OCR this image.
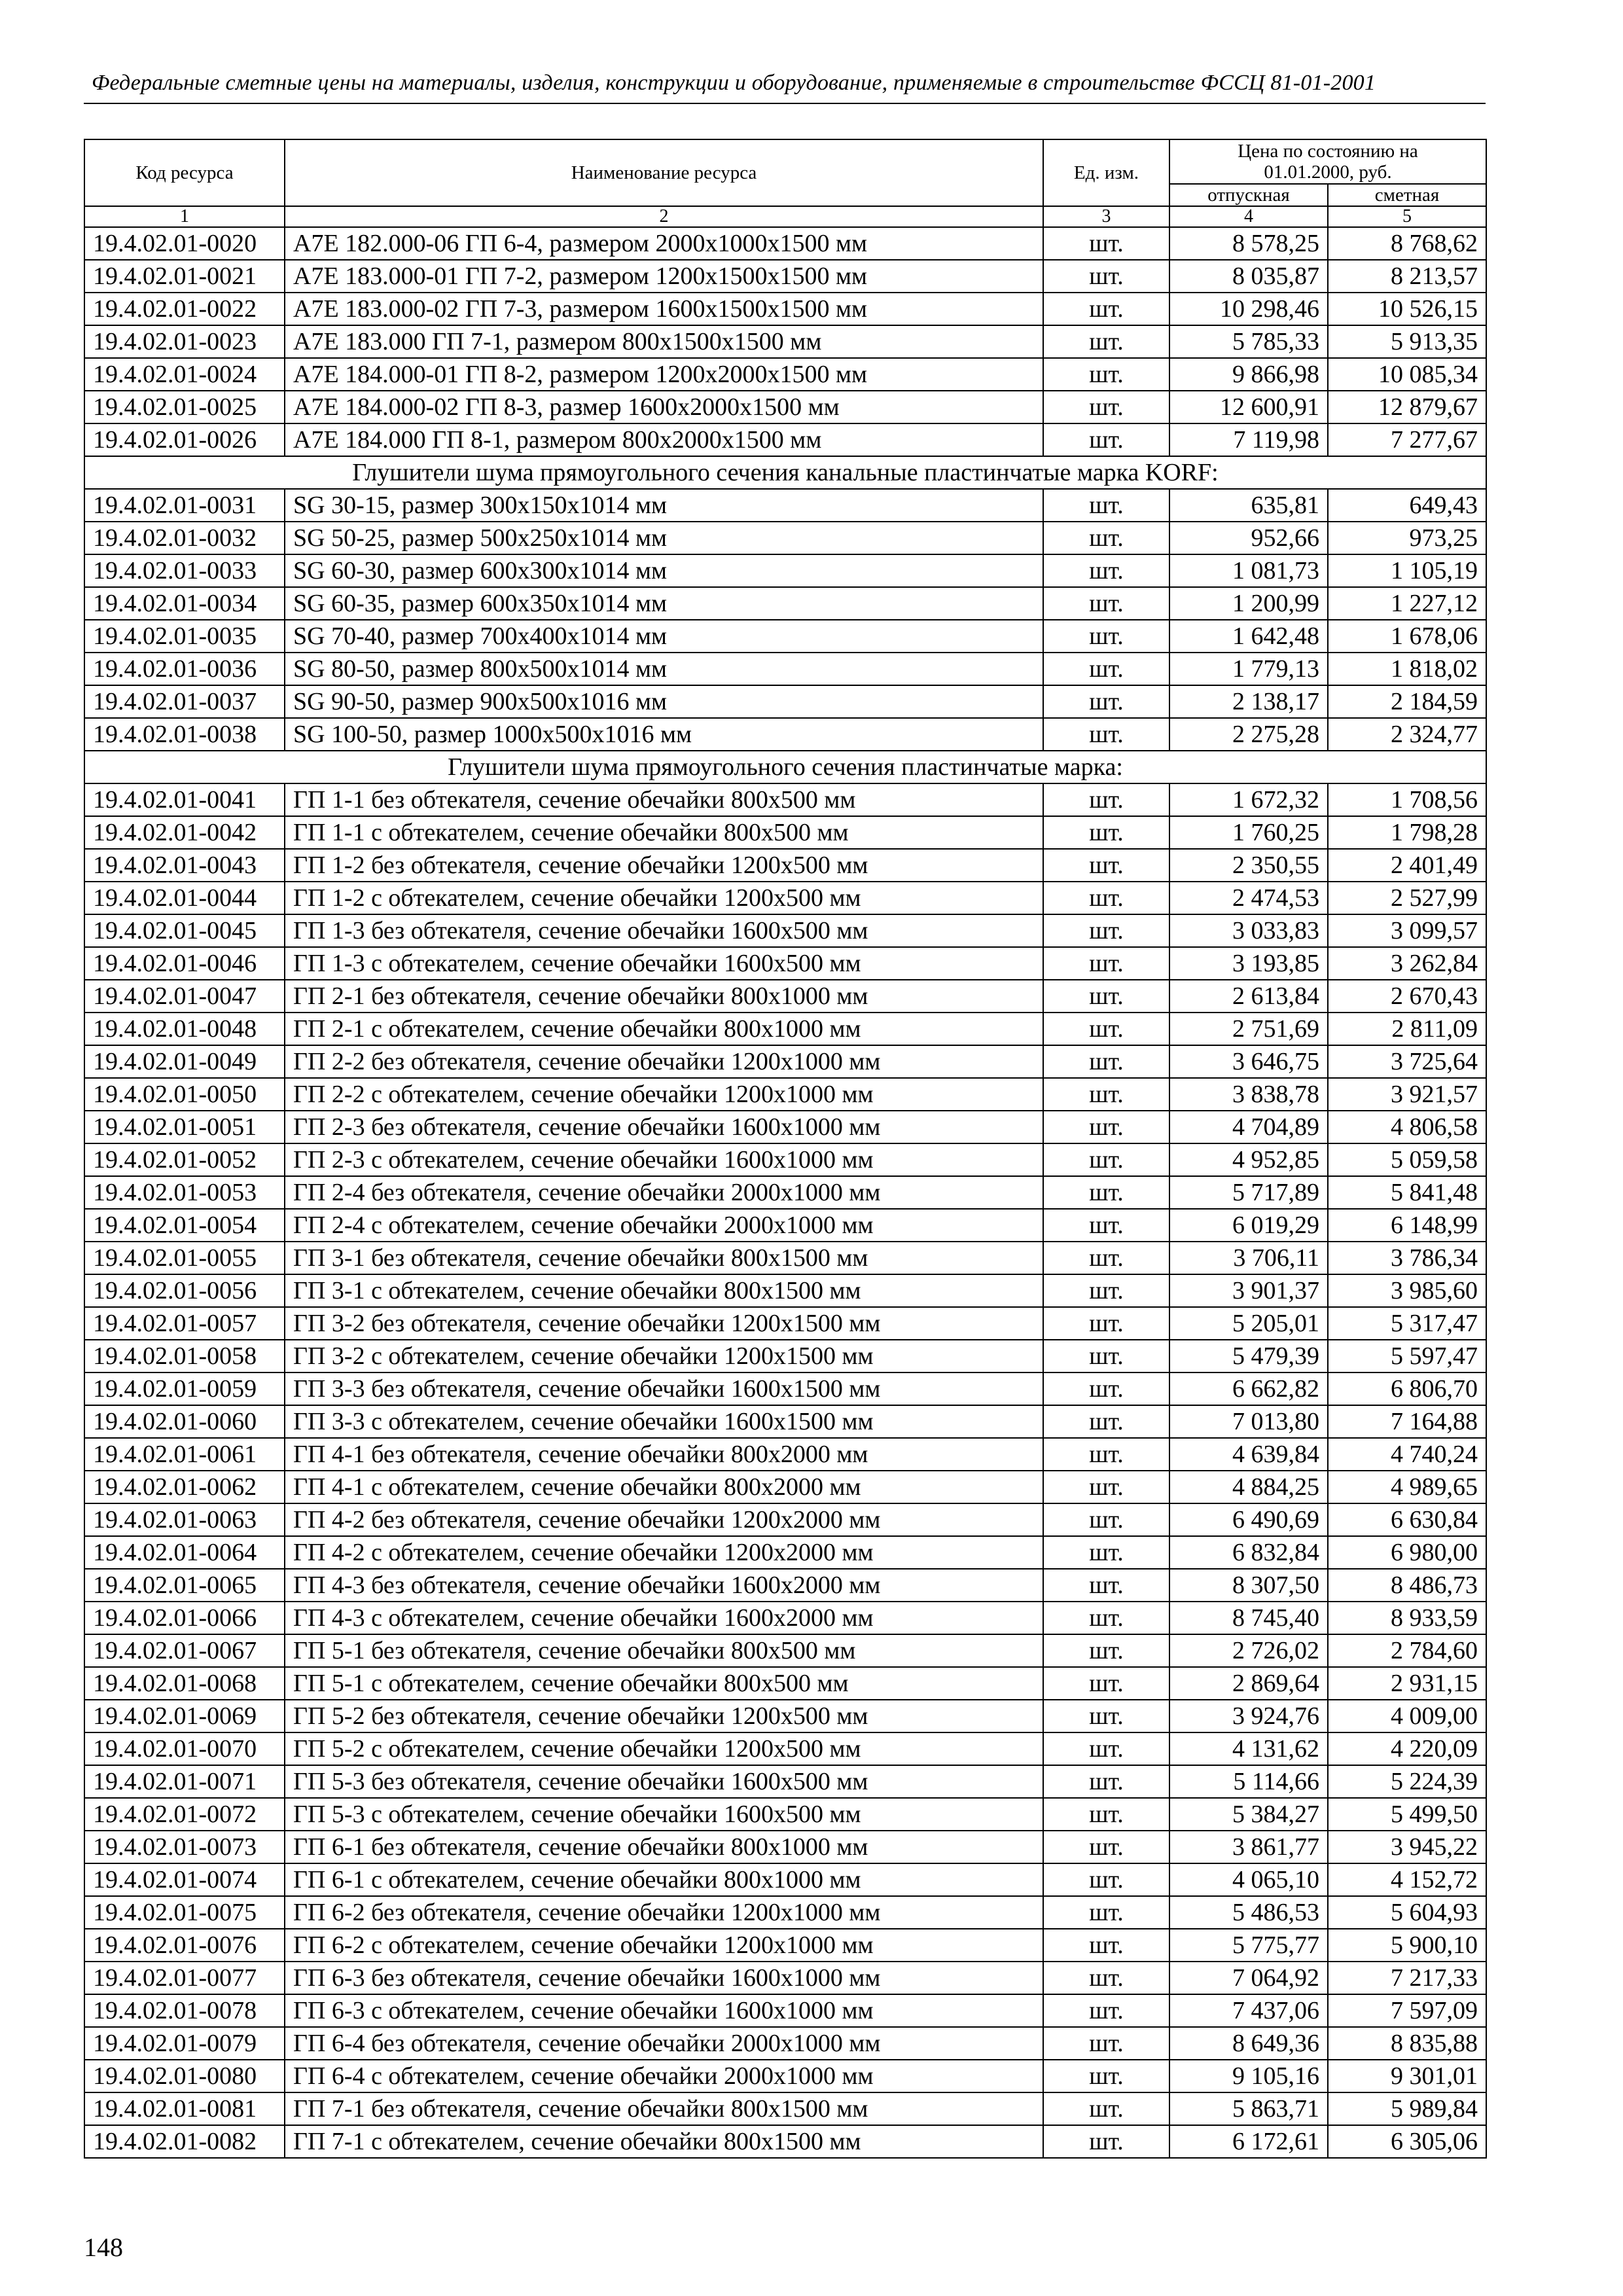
Федеральные сметные цены на материалы, изделия, конструкции и оборудование, применяемые в строительстве ФССЦ 81-01-2001
Код ресурса	Наименование ресурса	Ед. изм.	Цена по состоянию на
01.01.2000, руб.	

			отпускная	сметная
1	2	3	4	5
19.4.02.01-0020	А7Е 182.000-06 ГП 6-4, размером 2000х1000х1500 мм	шт.	8 578,25	8 768,62
19.4.02.01-0021	А7Е 183.000-01 ГП 7-2, размером 1200х1500х1500 мм	шт.	8 035,87	8 213,57
19.4.02.01-0022	А7Е 183.000-02 ГП 7-3, размером 1600х1500х1500 мм	шт.	10 298,46	10 526,15
19.4.02.01-0023	А7Е 183.000 ГП 7-1, размером 800х1500х1500 мм	шт.	5 785,33	5 913,35
19.4.02.01-0024	А7Е 184.000-01 ГП 8-2, размером 1200х2000х1500 мм	шт.	9 866,98	10 085,34
19.4.02.01-0025	А7Е 184.000-02 ГП 8-3, размер 1600х2000х1500 мм	шт.	12 600,91	12 879,67
19.4.02.01-0026	А7Е 184.000 ГП 8-1, размером 800х2000х1500 мм	шт.	7 119,98	7 277,67
Глушители шума прямоугольного сечения канальные пластинчатые марка KORF:				
19.4.02.01-0031	SG 30-15, размер 300х150х1014 мм	шт.	635,81	649,43
19.4.02.01-0032	SG 50-25, размер 500х250х1014 мм	шт.	952,66	973,25
19.4.02.01-0033	SG 60-30, размер 600х300х1014 мм	шт.	1 081,73	1 105,19
19.4.02.01-0034	SG 60-35, размер 600х350х1014 мм	шт.	1 200,99	1 227,12
19.4.02.01-0035	SG 70-40, размер 700х400х1014 мм	шт.	1 642,48	1 678,06
19.4.02.01-0036	SG 80-50, размер 800х500х1014 мм	шт.	1 779,13	1 818,02
19.4.02.01-0037	SG 90-50, размер 900х500х1016 мм	шт.	2 138,17	2 184,59
19.4.02.01-0038	SG 100-50, размер 1000х500х1016 мм	шт.	2 275,28	2 324,77
Глушители шума прямоугольного сечения пластинчатые марка:				
19.4.02.01-0041	ГП 1-1 без обтекателя, сечение обечайки 800х500 мм	шт.	1 672,32	1 708,56
19.4.02.01-0042	ГП 1-1 с обтекателем, сечение обечайки 800х500 мм	шт.	1 760,25	1 798,28
19.4.02.01-0043	ГП 1-2 без обтекателя, сечение обечайки 1200х500 мм	шт.	2 350,55	2 401,49
19.4.02.01-0044	ГП 1-2 с обтекателем, сечение обечайки 1200х500 мм	шт.	2 474,53	2 527,99
19.4.02.01-0045	ГП 1-3 без обтекателя, сечение обечайки 1600х500 мм	шт.	3 033,83	3 099,57
19.4.02.01-0046	ГП 1-3 с обтекателем, сечение обечайки 1600х500 мм	шт.	3 193,85	3 262,84
19.4.02.01-0047	ГП 2-1 без обтекателя, сечение обечайки 800х1000 мм	шт.	2 613,84	2 670,43
19.4.02.01-0048	ГП 2-1 с обтекателем, сечение обечайки 800х1000 мм	шт.	2 751,69	2 811,09
19.4.02.01-0049	ГП 2-2 без обтекателя, сечение обечайки 1200х1000 мм	шт.	3 646,75	3 725,64
19.4.02.01-0050	ГП 2-2 с обтекателем, сечение обечайки 1200х1000 мм	шт.	3 838,78	3 921,57
19.4.02.01-0051	ГП 2-3 без обтекателя, сечение обечайки 1600х1000 мм	шт.	4 704,89	4 806,58
19.4.02.01-0052	ГП 2-3 с обтекателем, сечение обечайки 1600х1000 мм	шт.	4 952,85	5 059,58
19.4.02.01-0053	ГП 2-4 без обтекателя, сечение обечайки 2000х1000 мм	шт.	5 717,89	5 841,48
19.4.02.01-0054	ГП 2-4 с обтекателем, сечение обечайки 2000х1000 мм	шт.	6 019,29	6 148,99
19.4.02.01-0055	ГП 3-1 без обтекателя, сечение обечайки 800х1500 мм	шт.	3 706,11	3 786,34
19.4.02.01-0056	ГП 3-1 с обтекателем, сечение обечайки 800х1500 мм	шт.	3 901,37	3 985,60
19.4.02.01-0057	ГП 3-2 без обтекателя, сечение обечайки 1200х1500 мм	шт.	5 205,01	5 317,47
19.4.02.01-0058	ГП 3-2 с обтекателем, сечение обечайки 1200х1500 мм	шт.	5 479,39	5 597,47
19.4.02.01-0059	ГП 3-3 без обтекателя, сечение обечайки 1600х1500 мм	шт.	6 662,82	6 806,70
19.4.02.01-0060	ГП 3-3 с обтекателем, сечение обечайки 1600х1500 мм	шт.	7 013,80	7 164,88
19.4.02.01-0061	ГП 4-1 без обтекателя, сечение обечайки 800х2000 мм	шт.	4 639,84	4 740,24
19.4.02.01-0062	ГП 4-1 с обтекателем, сечение обечайки 800х2000 мм	шт.	4 884,25	4 989,65
19.4.02.01-0063	ГП 4-2 без обтекателя, сечение обечайки 1200х2000 мм	шт.	6 490,69	6 630,84
19.4.02.01-0064	ГП 4-2 с обтекателем, сечение обечайки 1200х2000 мм	шт.	6 832,84	6 980,00
19.4.02.01-0065	ГП 4-3 без обтекателя, сечение обечайки 1600х2000 мм	шт.	8 307,50	8 486,73
19.4.02.01-0066	ГП 4-3 с обтекателем, сечение обечайки 1600х2000 мм	шт.	8 745,40	8 933,59
19.4.02.01-0067	ГП 5-1 без обтекателя, сечение обечайки 800х500 мм	шт.	2 726,02	2 784,60
19.4.02.01-0068	ГП 5-1 с обтекателем, сечение обечайки 800х500 мм	шт.	2 869,64	2 931,15
19.4.02.01-0069	ГП 5-2 без обтекателя, сечение обечайки 1200х500 мм	шт.	3 924,76	4 009,00
19.4.02.01-0070	ГП 5-2 с обтекателем, сечение обечайки 1200х500 мм	шт.	4 131,62	4 220,09
19.4.02.01-0071	ГП 5-3 без обтекателя, сечение обечайки 1600х500 мм	шт.	5 114,66	5 224,39
19.4.02.01-0072	ГП 5-3 с обтекателем, сечение обечайки 1600х500 мм	шт.	5 384,27	5 499,50
19.4.02.01-0073	ГП 6-1 без обтекателя, сечение обечайки 800х1000 мм	шт.	3 861,77	3 945,22
19.4.02.01-0074	ГП 6-1 с обтекателем, сечение обечайки 800х1000 мм	шт.	4 065,10	4 152,72
19.4.02.01-0075	ГП 6-2 без обтекателя, сечение обечайки 1200х1000 мм	шт.	5 486,53	5 604,93
19.4.02.01-0076	ГП 6-2 с обтекателем, сечение обечайки 1200х1000 мм	шт.	5 775,77	5 900,10
19.4.02.01-0077	ГП 6-3 без обтекателя, сечение обечайки 1600х1000 мм	шт.	7 064,92	7 217,33
19.4.02.01-0078	ГП 6-3 с обтекателем, сечение обечайки 1600х1000 мм	шт.	7 437,06	7 597,09
19.4.02.01-0079	ГП 6-4 без обтекателя, сечение обечайки 2000х1000 мм	шт.	8 649,36	8 835,88
19.4.02.01-0080	ГП 6-4 с обтекателем, сечение обечайки 2000х1000 мм	шт.	9 105,16	9 301,01
19.4.02.01-0081	ГП 7-1 без обтекателя, сечение обечайки 800х1500 мм	шт.	5 863,71	5 989,84
19.4.02.01-0082	ГП 7-1 с обтекателем, сечение обечайки 800х1500 мм	шт.	6 172,61	6 305,06
148
